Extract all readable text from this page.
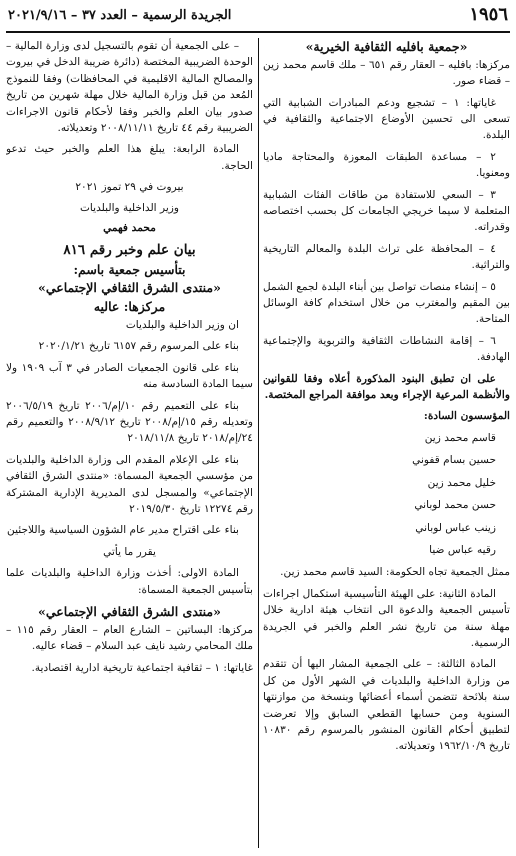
١٩٥٦
الجريدة الرسمية – العدد ٣٧ – ٢٠٢١/٩/١٦

«جمعية بافليه الثقافية الخيرية»

مركزها: بافليه – العقار رقم ٦٥١ – ملك قاسم محمد زين – قضاء صور.

غاياتها: ١ – تشجيع ودعم المبادرات الشبابية التي تسعى الى تحسين الأوضاع الاجتماعية والثقافية في البلدة.

٢ – مساعدة الطبقات المعوزة والمحتاجة ماديا ومعنويا.

٣ – السعي للاستفادة من طاقات الفئات الشبابية المتعلمة لا سيما خريجي الجامعات كل بحسب اختصاصه وقدراته.

٤ – المحافظة على تراث البلدة والمعالم التاريخية والتراثية.

٥ – إنشاء منصات تواصل بين أبناء البلدة لجمع الشمل بين المقيم والمغترب من خلال استخدام كافة الوسائل المتاحة.

٦ – إقامة النشاطات الثقافية والتربوية والإجتماعية الهادفة.

على ان تطبق البنود المذكورة أعلاه وفقا للقوانين والأنظمة المرعية الإجراء وبعد موافقة المراجع المختصة.

المؤسسون السادة:

قاسم محمد زين

حسين بسام قفوني

خليل محمد زين

حسن محمد لوباني

زينب عباس لوباني

رقيه عباس ضيا

ممثل الجمعية تجاه الحكومة: السيد قاسم محمد زين.

المادة الثانية: على الهيئة التأسيسية استكمال اجراءات تأسيس الجمعية والدعوة الى انتخاب هيئة ادارية خلال مهلة سنة من تاريخ نشر العلم والخبر في الجريدة الرسمية.

المادة الثالثة: – على الجمعية المشار اليها أن تتقدم من وزارة الداخلية والبلديات في الشهر الأول من كل سنة بلائحة تتضمن أسماء أعضائها وبنسخة من موازنتها السنوية ومن حسابها القطعي السابق وإلا تعرضت لتطبيق أحكام القانون المنشور بالمرسوم رقم ١٠٨٣٠ تاريخ ١٩٦٢/١٠/٩ وتعديلاته.

– على الجمعية أن تقوم بالتسجيل لدى وزارة المالية – الوحدة الضريبية المختصة (دائرة ضريبة الدخل في بيروت والمصالح المالية الاقليمية في المحافظات) وفقا للنموذج المُعد من قبل وزارة المالية خلال مهلة شهرين من تاريخ صدور بيان العلم والخبر وفقا لأحكام قانون الاجراءات الضريبية رقم ٤٤ تاريخ ٢٠٠٨/١١/١١ وتعديلاته.

المادة الرابعة: يبلغ هذا العلم والخبر حيث تدعو الحاجة.

بيروت في ٢٩ تموز ٢٠٢١

وزير الداخلية والبلديات

محمد فهمي

بيان علم وخبر رقم ٨١٦

بتأسيس جمعية باسم:

«منتدى الشرق الثقافي الإجتماعي»

مركزها: عاليه

ان وزير الداخلية والبلديات

بناء على المرسوم رقم ٦١٥٧ تاريخ ٢٠٢٠/١/٢١

بناء على قانون الجمعيات الصادر في ٣ آب ١٩٠٩ ولا سيما المادة السادسة منه

بناء على التعميم رقم ١٠/إم/٢٠٠٦ تاريخ ٢٠٠٦/٥/١٩ وتعديله رقم ١٥/إم/٢٠٠٨ تاريخ ٢٠٠٨/٩/١٢ والتعميم رقم ٢٤/إم/٢٠١٨ تاريخ ٢٠١٨/١١/٨

بناء على الإعلام المقدم الى وزارة الداخلية والبلديات من مؤسسي الجمعية المسماة: «منتدى الشرق الثقافي الإجتماعي» والمسجل لدى المديرية الإدارية المشتركة رقم ١٢٢٧٤ تاريخ ٢٠١٩/٥/٣٠

بناء على اقتراح مدير عام الشؤون السياسية واللاجئين

يقرر ما يأتي

المادة الاولى: أخذت وزارة الداخلية والبلديات علما بتأسيس الجمعية المسماة:

«منتدى الشرق الثقافي الإجتماعي»

مركزها: البساتين – الشارع العام – العقار رقم ١١٥ – ملك المحامي رشيد نايف عبد السلام – قضاء عاليه.

غاياتها: ١ – ثقافية اجتماعية تاريخية ادارية اقتصادية.
